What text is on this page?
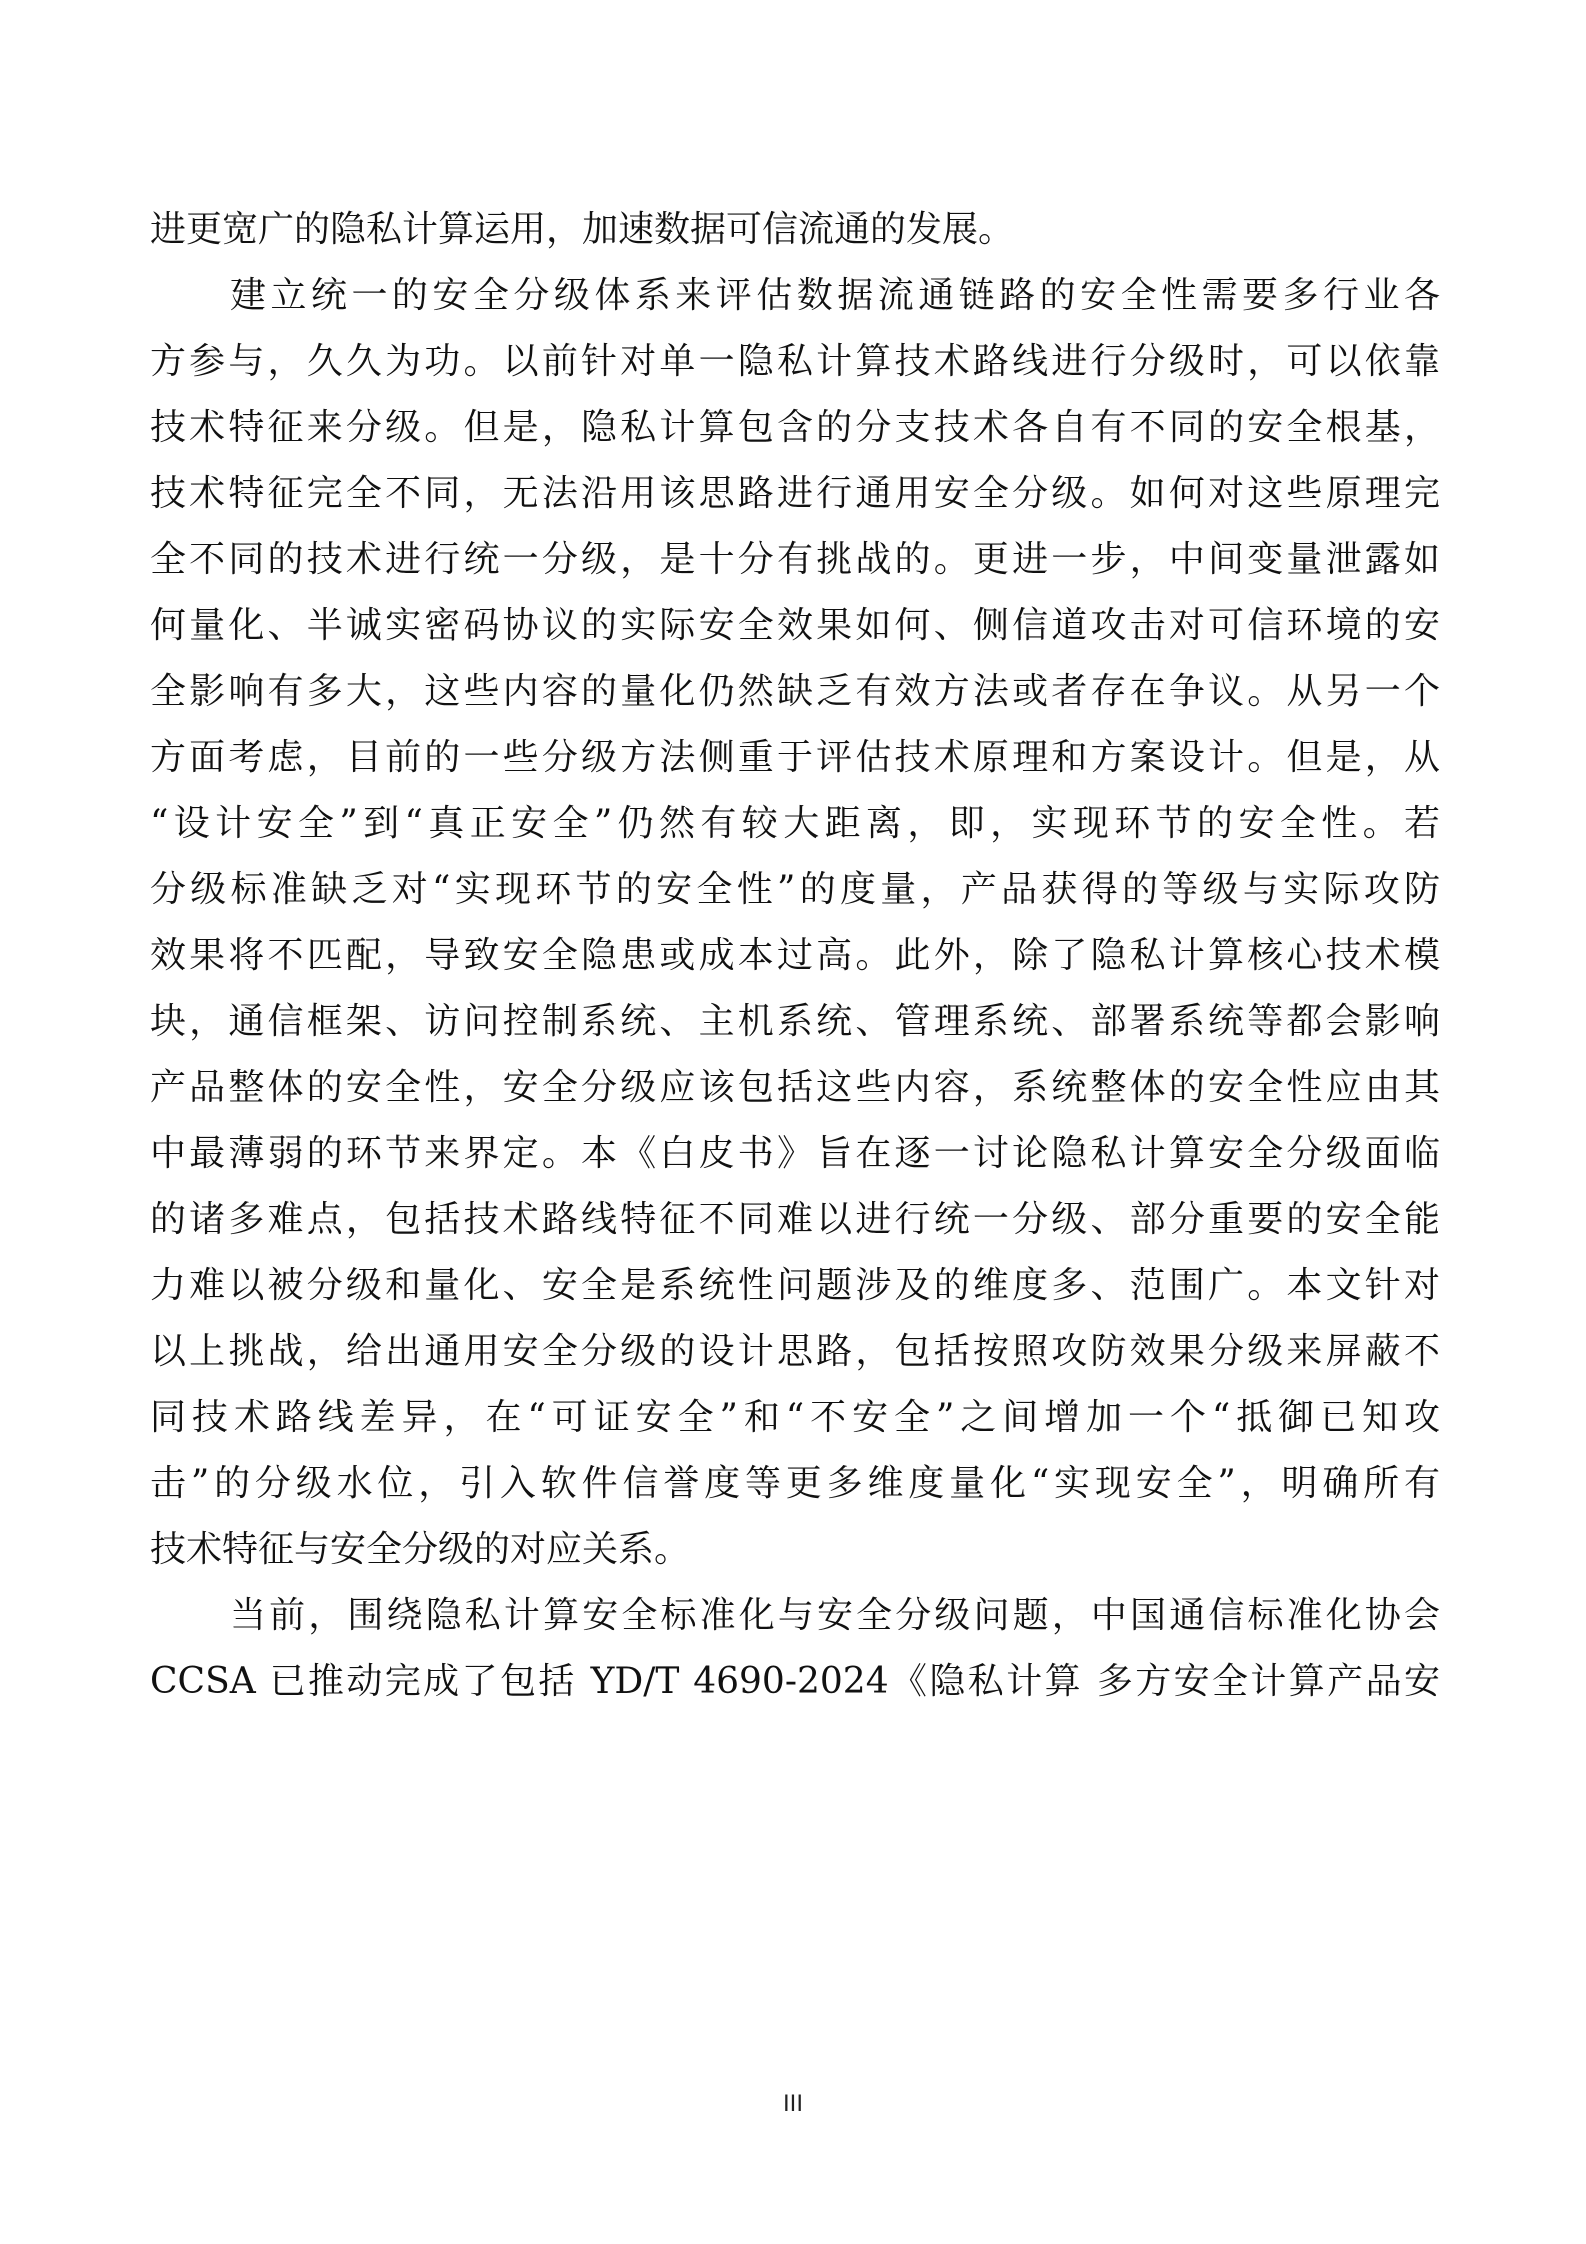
进更宽广的隐私计算运用，加速数据可信流通的发展。
建立统一的安全分级体系来评估数据流通链路的安全性需要多行业各
方参与，久久为功。以前针对单一隐私计算技术路线进行分级时，可以依靠
技术特征来分级。但是，隐私计算包含的分支技术各自有不同的安全根基，
技术特征完全不同，无法沿用该思路进行通用安全分级。如何对这些原理完
全不同的技术进行统一分级，是十分有挑战的。更进一步，中间变量泄露如
何量化、半诚实密码协议的实际安全效果如何、侧信道攻击对可信环境的安
全影响有多大，这些内容的量化仍然缺乏有效方法或者存在争议。从另一个
方面考虑，目前的一些分级方法侧重于评估技术原理和方案设计。但是，从
“设计安全”到“真正安全”仍然有较大距离，即，实现环节的安全性。若
分级标准缺乏对“实现环节的安全性”的度量，产品获得的等级与实际攻防
效果将不匹配，导致安全隐患或成本过高。此外，除了隐私计算核心技术模
块，通信框架、访问控制系统、主机系统、管理系统、部署系统等都会影响
产品整体的安全性，安全分级应该包括这些内容，系统整体的安全性应由其
中最薄弱的环节来界定。本《白皮书》旨在逐一讨论隐私计算安全分级面临
的诸多难点，包括技术路线特征不同难以进行统一分级、部分重要的安全能
力难以被分级和量化、安全是系统性问题涉及的维度多、范围广。本文针对
以上挑战，给出通用安全分级的设计思路，包括按照攻防效果分级来屏蔽不
同技术路线差异，在“可证安全”和“不安全”之间增加一个“抵御已知攻
击”的分级水位，引入软件信誉度等更多维度量化“实现安全”，明确所有
技术特征与安全分级的对应关系。
当前，围绕隐私计算安全标准化与安全分级问题，中国通信标准化协会
CCSA 已推动完成了包括 YD/T 4690-2024《隐私计算 多方安全计算产品安
III
